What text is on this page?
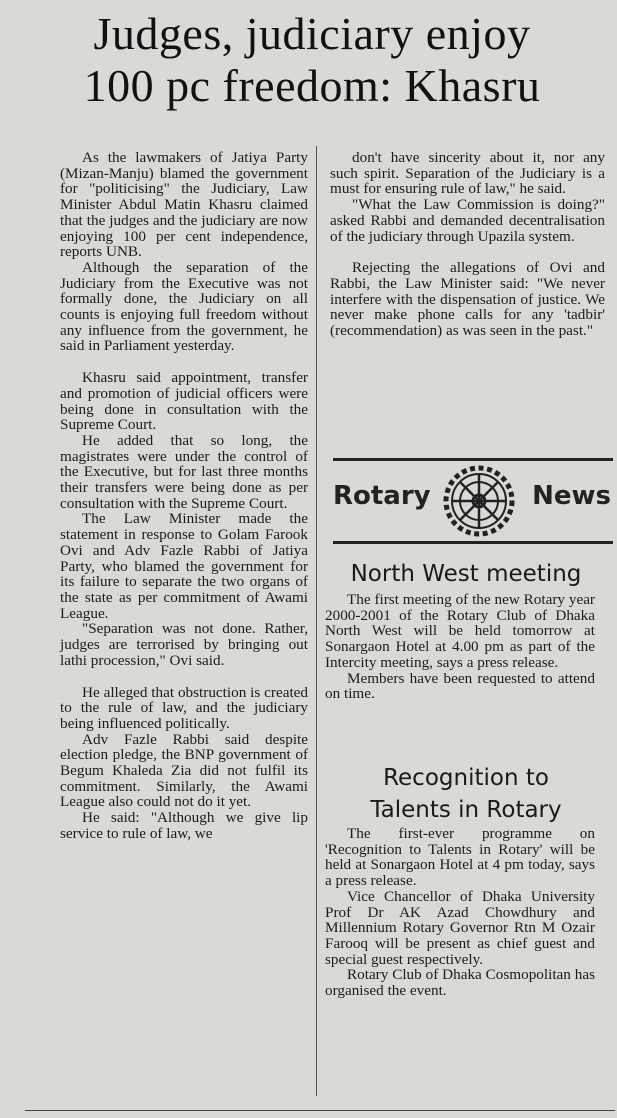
Judges, judiciary enjoy
100 pc freedom: Khasru

As the lawmakers of Jatiya Party (Mizan-Manju) blamed the government for "politicising" the Judiciary, Law Minister Abdul Matin Khasru claimed that the judges and the judiciary are now enjoying 100 per cent independence, reports UNB.

Although the separation of the Judiciary from the Executive was not formally done, the Judiciary on all counts is enjoying full freedom without any influence from the government, he said in Parliament yesterday.

Khasru said appointment, transfer and promotion of judicial officers were being done in consultation with the Supreme Court.

He added that so long, the magistrates were under the control of the Executive, but for last three months their transfers were being done as per consultation with the Supreme Court.

The Law Minister made the statement in response to Golam Farook Ovi and Adv Fazle Rabbi of Jatiya Party, who blamed the government for its failure to separate the two organs of the state as per commitment of Awami League.

"Separation was not done. Rather, judges are terrorised by bringing out lathi procession," Ovi said.

He alleged that obstruction is created to the rule of law, and the judiciary being influenced politically.

Adv Fazle Rabbi said despite election pledge, the BNP government of Begum Khaleda Zia did not fulfil its commitment. Similarly, the Awami League also could not do it yet.

He said: "Although we give lip service to rule of law, we

don't have sincerity about it, nor any such spirit. Separation of the Judiciary is a must for ensuring rule of law," he said.

"What the Law Commission is doing?" asked Rabbi and demanded decentralisation of the judiciary through Upazila system.

Rejecting the allegations of Ovi and Rabbi, the Law Minister said: "We never interfere with the dispensation of justice. We never make phone calls for any 'tadbir' (recommendation) as was seen in the past."

Rotary	News
North West meeting

The first meeting of the new Rotary year 2000-2001 of the Rotary Club of Dhaka North West will be held tomorrow at Sonargaon Hotel at 4.00 pm as part of the Intercity meeting, says a press release.

Members have been requested to attend on time.

Recognition to
Talents in Rotary

The first-ever programme on 'Recognition to Talents in Rotary' will be held at Sonargaon Hotel at 4 pm today, says a press release.

Vice Chancellor of Dhaka University Prof Dr AK Azad Chowdhury and Millennium Rotary Governor Rtn M Ozair Farooq will be present as chief guest and special guest respectively.

Rotary Club of Dhaka Cosmopolitan has organised the event.
